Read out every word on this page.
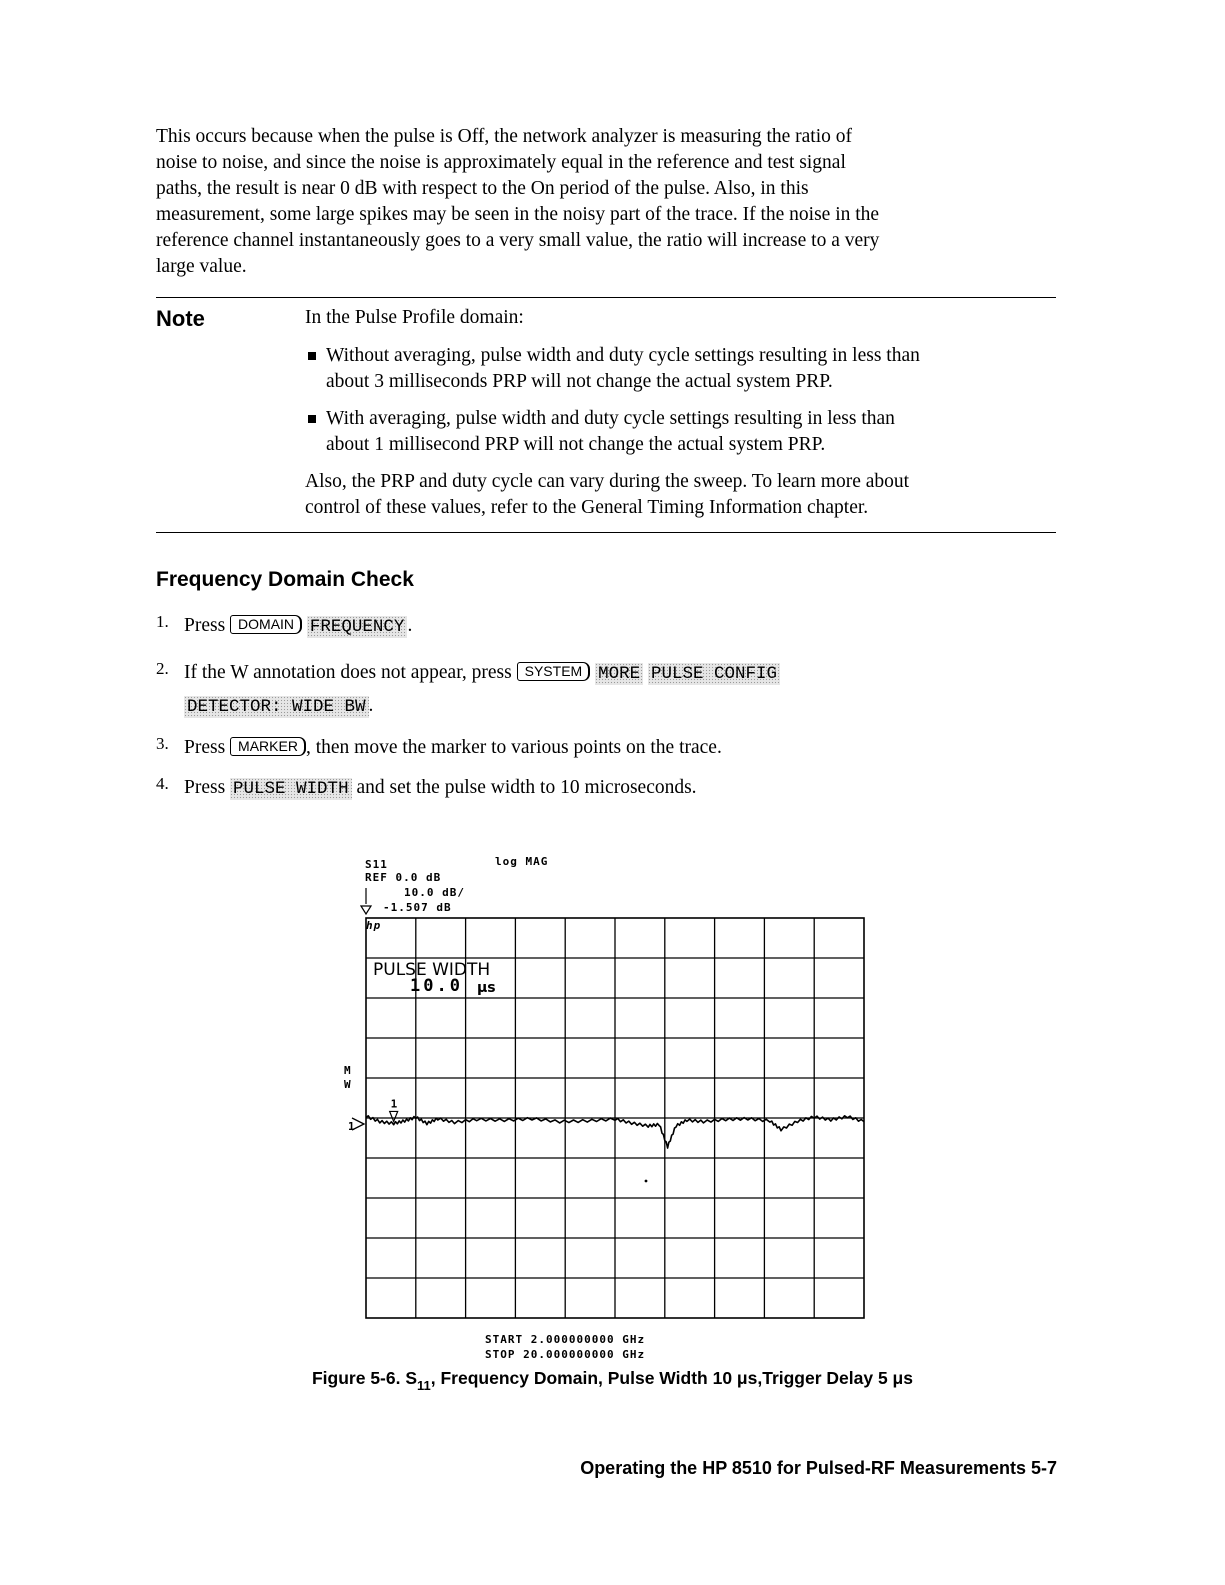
This occurs because when the pulse is Off, the network analyzer is measuring the ratio of
noise to noise, and since the noise is approximately equal in the reference and test signal
paths, the result is near 0 dB with respect to the On period of the pulse. Also, in this
measurement, some large spikes may be seen in the noisy part of the trace. If the noise in the
reference channel instantaneously goes to a very small value, the ratio will increase to a very
large value.
Note	In the Pulse Profile domain:
Without averaging, pulse width and duty cycle settings resulting in less than
about 3 milliseconds PRP will not change the actual system PRP.
With averaging, pulse width and duty cycle settings resulting in less than
about 1 millisecond PRP will not change the actual system PRP.
Also, the PRP and duty cycle can vary during the sweep. To learn more about
control of these values, refer to the General Timing Information chapter.
Frequency Domain Check
1. Press DOMAIN FREQUENCY .
2. If the W annotation does not appear, press SYSTEM MORE PULSE CONFIG
DETECTOR: WIDE BW .
3. Press MARKER , then move the marker to various points on the trace.
4. Press PULSE WIDTH and set the pulse width to 10 microseconds.
S11	log MAG
REF 0.0 dB
10.0 dB/
-1.507 dB
hp
M
W
1
START 2.000000000 GHz
STOP 20.000000000 GHz
PULSE WIDTH
10.0 μs
1
Figure 5-6. $S_{11}$, Frequency Domain, Pulse Width 10 μs,Trigger Delay 5 μs
Operating the HP 8510 for Pulsed-RF Measurements 5-7
